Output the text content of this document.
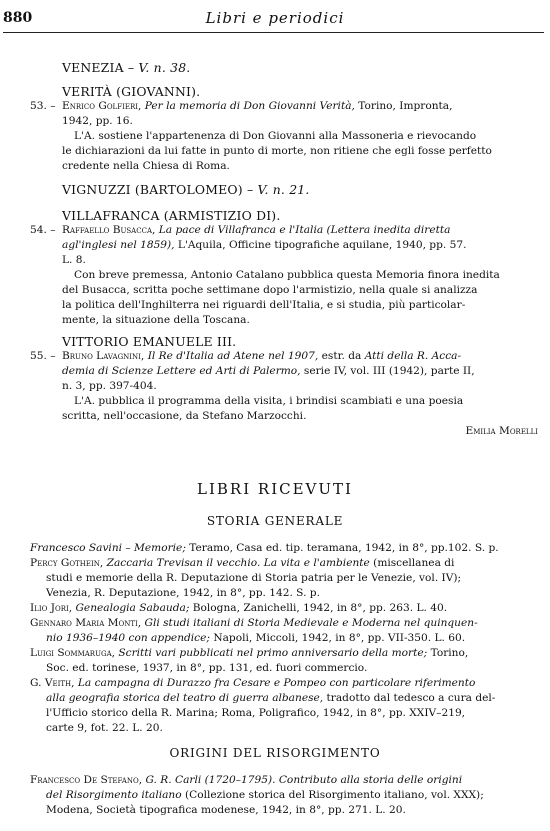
880	Libri e periodici
VENEZIA – V. n. 38.
VERITÀ (GIOVANNI).
53. – Enrico Golfieri, Per la memoria di Don Giovanni Verità, Torino, Impronta,
1942, pp. 16.
L'A. sostiene l'appartenenza di Don Giovanni alla Massoneria e rievocando
le dichiarazioni da lui fatte in punto di morte, non ritiene che egli fosse perfetto
credente nella Chiesa di Roma.
VIGNUZZI (BARTOLOMEO) – V. n. 21.
VILLAFRANCA (ARMISTIZIO DI).
54. – Raffaello Busacca, La pace di Villafranca e l'Italia (Lettera inedita diretta
agl'inglesi nel 1859), L'Aquila, Officine tipografiche aquilane, 1940, pp. 57.
L. 8.
Con breve premessa, Antonio Catalano pubblica questa Memoria finora inedita
del Busacca, scritta poche settimane dopo l'armistizio, nella quale si analizza
la politica dell'Inghilterra nei riguardi dell'Italia, e si studia, più particolar-
mente, la situazione della Toscana.
VITTORIO EMANUELE III.
55. – Bruno Lavagnini, Il Re d'Italia ad Atene nel 1907, estr. da Atti della R. Acca-
demia di Scienze Lettere ed Arti di Palermo, serie IV, vol. III (1942), parte II,
n. 3, pp. 397-404.
L'A. pubblica il programma della visita, i brindisi scambiati e una poesia
scritta, nell'occasione, da Stefano Marzocchi.
Emilia Morelli
LIBRI RICEVUTI
STORIA GENERALE
Francesco Savini – Memorie; Teramo, Casa ed. tip. teramana, 1942, in 8°, pp.102. S. p.
Percy Gothein, Zaccaria Trevisan il vecchio. La vita e l'ambiente (miscellanea di
studi e memorie della R. Deputazione di Storia patria per le Venezie, vol. IV);
Venezia, R. Deputazione, 1942, in 8°, pp. 142. S. p.
Ilio Jori, Genealogia Sabauda; Bologna, Zanichelli, 1942, in 8°, pp. 263. L. 40.
Gennaro Maria Monti, Gli studi italiani di Storia Medievale e Moderna nel quinquen-
nio 1936–1940 con appendice; Napoli, Miccoli, 1942, in 8°, pp. VII-350. L. 60.
Luigi Sommaruga, Scritti vari pubblicati nel primo anniversario della morte; Torino,
Soc. ed. torinese, 1937, in 8°, pp. 131, ed. fuori commercio.
G. Veith, La campagna di Durazzo fra Cesare e Pompeo con particolare riferimento
alla geografia storica del teatro di guerra albanese, tradotto dal tedesco a cura del-
l'Ufficio storico della R. Marina; Roma, Poligrafico, 1942, in 8°, pp. XXIV–219,
carte 9, fot. 22. L. 20.
ORIGINI DEL RISORGIMENTO
Francesco De Stefano, G. R. Carli (1720–1795). Contributo alla storia delle origini
del Risorgimento italiano (Collezione storica del Risorgimento italiano, vol. XXX);
Modena, Società tipografica modenese, 1942, in 8°, pp. 271. L. 20.
